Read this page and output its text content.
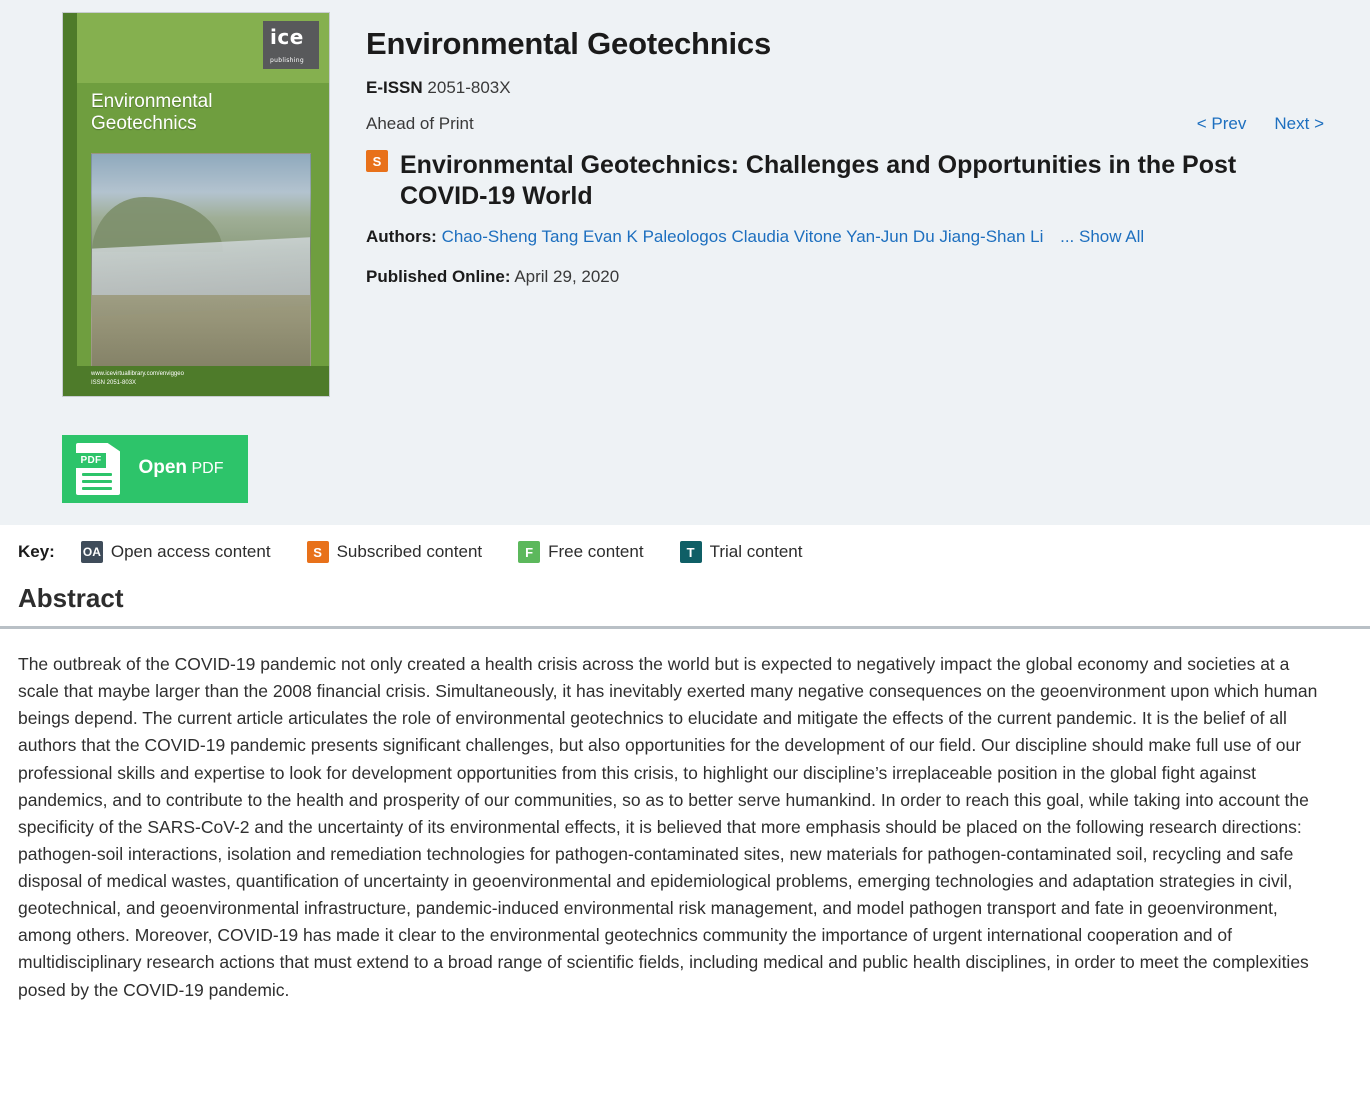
ice
publishing
Environmental
Geotechnics
www.icevirtuallibrary.com/enviggeo
ISSN 2051-803X
PDF	Open PDF
Environmental Geotechnics
E-ISSN 2051-803X
Ahead of Print	< Prev Next >
S Environmental Geotechnics: Challenges and Opportunities in the Post COVID-19 World
Authors: Chao-Sheng Tang Evan K Paleologos Claudia Vitone Yan-Jun Du Jiang-Shan Li ... Show All
Published Online: April 29, 2020
Key: OA Open access content	S Subscribed content	F Free content	T Trial content
Abstract
The outbreak of the COVID-19 pandemic not only created a health crisis across the world but is expected to negatively impact the global economy and societies at a scale that maybe larger than the 2008 financial crisis. Simultaneously, it has inevitably exerted many negative consequences on the geoenvironment upon which human beings depend. The current article articulates the role of environmental geotechnics to elucidate and mitigate the effects of the current pandemic. It is the belief of all authors that the COVID-19 pandemic presents significant challenges, but also opportunities for the development of our field. Our discipline should make full use of our professional skills and expertise to look for development opportunities from this crisis, to highlight our discipline’s irreplaceable position in the global fight against pandemics, and to contribute to the health and prosperity of our communities, so as to better serve humankind. In order to reach this goal, while taking into account the specificity of the SARS-CoV-2 and the uncertainty of its environmental effects, it is believed that more emphasis should be placed on the following research directions: pathogen-soil interactions, isolation and remediation technologies for pathogen-contaminated sites, new materials for pathogen-contaminated soil, recycling and safe disposal of medical wastes, quantification of uncertainty in geoenvironmental and epidemiological problems, emerging technologies and adaptation strategies in civil, geotechnical, and geoenvironmental infrastructure, pandemic-induced environmental risk management, and model pathogen transport and fate in geoenvironment, among others. Moreover, COVID-19 has made it clear to the environmental geotechnics community the importance of urgent international cooperation and of multidisciplinary research actions that must extend to a broad range of scientific fields, including medical and public health disciplines, in order to meet the complexities posed by the COVID-19 pandemic.
